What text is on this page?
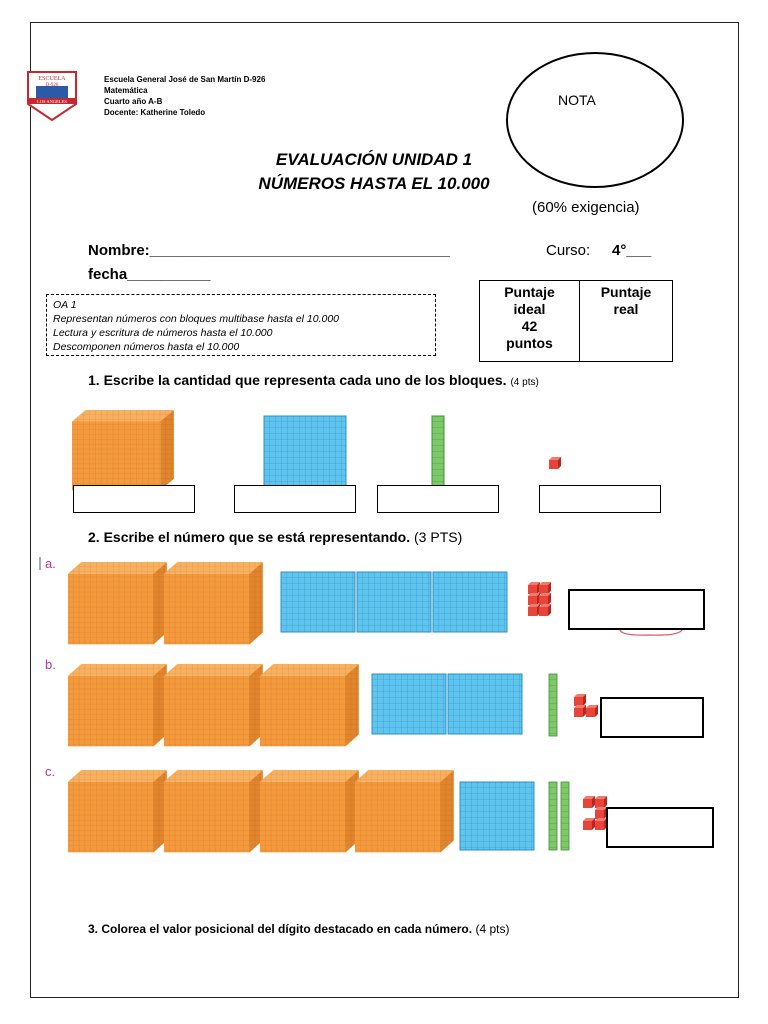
ESCUELA
D-926
LOS ANGELES
Escuela General José de San Martín D-926
Matemática
Cuarto año A-B
Docente: Katherine Toledo
NOTA
(60% exigencia)
EVALUACIÓN UNIDAD 1
NÚMEROS HASTA EL 10.000
Nombre:____________________________________	Curso: 4°___
fecha__________
OA 1
Representan números con bloques multibase hasta el 10.000
Lectura y escritura de números hasta el 10.000
Descomponen números hasta el 10.000
Puntaje
ideal
42
puntos
Puntaje
real
1. Escribe la cantidad que representa cada uno de los bloques. (4 pts)
2. Escribe el número que se está representando. (3 PTS)
a.
b.
c.
3. Colorea el valor posicional del dígito destacado en cada número. (4 pts)
